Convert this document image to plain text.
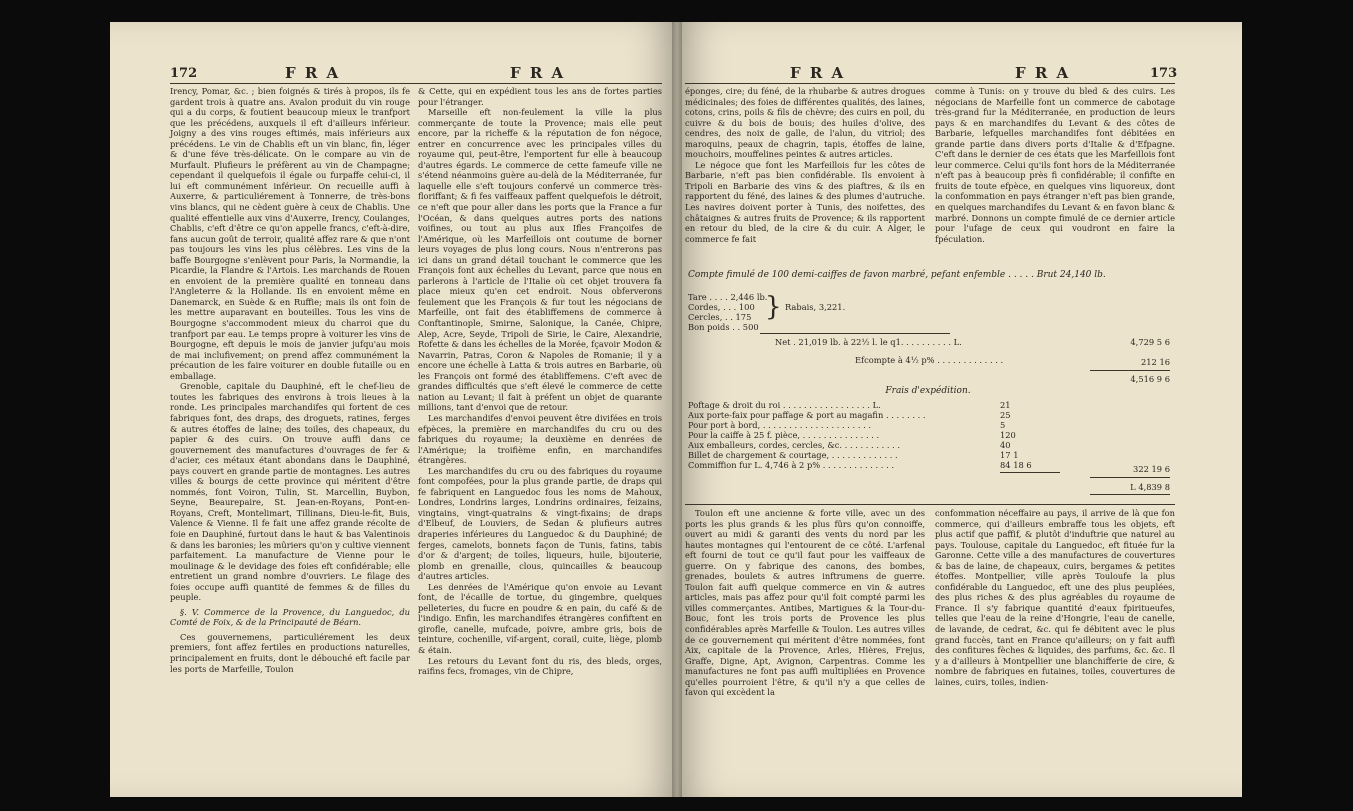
172	F R A	F R A

Irency, Pomar, &c. ; bien foignés & tirés à propos, ils fe gardent trois à quatre ans. Avalon produit du vin rouge qui a du corps, & foutient beaucoup mieux le tranfport que les précédens, auxquels il eft d'ailleurs inférieur. Joigny a des vins rouges eftimés, mais inférieurs aux précédens. Le vin de Chablis eft un vin blanc, fin, léger & d'une féve très-délicate. On le compare au vin de Murfault. Plufieurs le préfèrent au vin de Champagne; cependant il quelquefois il égale ou furpaffe celui-ci, il lui eft communément inférieur. On recueille auffi à Auxerre, & particuliérement à Tonnerre, de très-bons vins blancs, qui ne cèdent guère à ceux de Chablis. Une qualité effentielle aux vins d'Auxerre, Irency, Coulanges, Chablis, c'eft d'être ce qu'on appelle francs, c'eft-à-dire, fans aucun goût de terroir, qualité affez rare & que n'ont pas toujours les vins les plus célèbres. Les vins de la baffe Bourgogne s'enlèvent pour Paris, la Normandie, la Picardie, la Flandre & l'Artois. Les marchands de Rouen en envoient de la première qualité en tonneau dans l'Angleterre & la Hollande. Ils en envoient même en Danemarck, en Suède & en Ruffie; mais ils ont foin de les mettre auparavant en bouteilles. Tous les vins de Bourgogne s'accommodent mieux du charroi que du tranfport par eau. Le temps propre à voiturer les vins de Bourgogne, eft depuis le mois de janvier jufqu'au mois de mai inclufivement; on prend affez communément la précaution de les faire voiturer en double futaille ou en emballage.

Grenoble, capitale du Dauphiné, eft le chef-lieu de toutes les fabriques des environs à trois lieues à la ronde. Les principales marchandifes qui fortent de ces fabriques font, des draps, des droguets, ratines, ferges & autres étoffes de laine; des toiles, des chapeaux, du papier & des cuirs. On trouve auffi dans ce gouvernement des manufactures d'ouvrages de fer & d'acier, ces métaux étant abondans dans le Dauphiné, pays couvert en grande partie de montagnes. Les autres villes & bourgs de cette province qui méritent d'être nommés, font Voiron, Tulin, St. Marcellin, Buybon, Seyne, Beaurepaire, St. Jean-en-Royans, Pont-en-Royans, Creft, Montelimart, Tillinans, Dieu-le-fit, Buis, Valence & Vienne. Il fe fait une affez grande récolte de foie en Dauphiné, furtout dans le haut & bas Valentinois & dans les baronies; les mûriers qu'on y cultive viennent parfaitement. La manufacture de Vienne pour le moulinage & le devidage des foies eft confidérable; elle entretient un grand nombre d'ouvriers. Le filage des foies occupe auffi quantité de femmes & de filles du peuple.

§. V. Commerce de la Provence, du Languedoc, du Comté de Foix, & de la Principauté de Béarn.

Ces gouvernemens, particuliérement les deux premiers, font affez fertiles en productions naturelles, principalement en fruits, dont le débouché eft facile par les ports de Marfeille, Toulon

& Cette, qui en expédient tous les ans de fortes parties pour l'étranger.

Marseille eft non-feulement la ville la plus commerçante de toute la Provence; mais elle peut encore, par la richeffe & la réputation de fon négoce, entrer en concurrence avec les principales villes du royaume qui, peut-être, l'emportent fur elle à beaucoup d'autres égards. Le commerce de cette fameufe ville ne s'étend néanmoins guère au-delà de la Méditerranée, fur laquelle elle s'eft toujours confervé un commerce très-floriffant; & fi fes vaiffeaux paffent quelquefois le détroit, ce n'eft que pour aller dans les ports que la France a fur l'Océan, & dans quelques autres ports des nations voifines, ou tout au plus aux Ifles Françoifes de l'Amérique, où les Marfeillois ont coutume de borner leurs voyages de plus long cours. Nous n'entrerons pas ici dans un grand détail touchant le commerce que les François font aux échelles du Levant, parce que nous en parlerons à l'article de l'Italie où cet objet trouvera fa place mieux qu'en cet endroit. Nous obferverons feulement que les François & fur tout les négocians de Marfeille, ont fait des établiffemens de commerce à Conftantinople, Smirne, Salonique, la Canée, Chipre, Alep, Acre, Seyde, Tripoli de Sirie, le Caire, Alexandrie, Rofette & dans les échelles de la Morée, fçavoir Modon & Navarrin, Patras, Coron & Napoles de Romanie; il y a encore une échelle à Latta & trois autres en Barbarie, où les François ont formé des établiffemens. C'eft avec de grandes difficultés que s'eft élevé le commerce de cette nation au Levant; il fait à préfent un objet de quarante millions, tant d'envoi que de retour.

Les marchandifes d'envoi peuvent être divifées en trois efpèces, la première en marchandifes du cru ou des fabriques du royaume; la deuxième en denrées de l'Amérique; la troifième enfin, en marchandifes étrangères.

Les marchandifes du cru ou des fabriques du royaume font compofées, pour la plus grande partie, de draps qui fe fabriquent en Languedoc fous les noms de Mahoux, Londres, Londrins larges, Londrins ordinaires, feizains, vingtains, vingt-quatrains & vingt-fixains; de draps d'Elbeuf, de Louviers, de Sedan & plufieurs autres draperies inférieures du Languedoc & du Dauphiné; de ferges, camelots, bonnets façon de Tunis, fatins, tabis d'or & d'argent; de toiles, liqueurs, huile, bijouterie, plomb en grenaille, clous, quincailles & beaucoup d'autres articles.

Les denrées de l'Amérique qu'on envoie au Levant font, de l'écaille de tortue, du gingembre, quelques pelleteries, du fucre en poudre & en pain, du café & de l'indigo. Enfin, les marchandifes étrangères confiftent en girofle, canelle, mufcade, poivre, ambre gris, bois de teinture, cochenille, vif-argent, corail, cuite, liège, plomb & étain.

Les retours du Levant font du ris, des bleds, orges, raifins fecs, fromages, vin de Chipre,

F R A	F R A	173

éponges, cire; du féné, de la rhubarbe & autres drogues médicinales; des foies de différentes qualités, des laines, cotons, crins, poils & fils de chèvre; des cuirs en poil, du cuivre & du bois de bouis; des huiles d'olive, des cendres, des noix de galle, de l'alun, du vitriol; des maroquins, peaux de chagrin, tapis, étoffes de laine, mouchoirs, mouffelines peintes & autres articles.

Le négoce que font les Marfeillois fur les côtes de Barbarie, n'eft pas bien confidérable. Ils envoient à Tripoli en Barbarie des vins & des piaftres, & ils en rapportent du féné, des laines & des plumes d'autruche. Les navires doivent porter à Tunis, des noifettes, des châtaignes & autres fruits de Provence; & ils rapportent en retour du bled, de la cire & du cuir. A Alger, le commerce fe fait

comme à Tunis: on y trouve du bled & des cuirs. Les négocians de Marfeille font un commerce de cabotage très-grand fur la Méditerranée, en production de leurs pays & en marchandifes du Levant & des côtes de Barbarie, lefquelles marchandifes font débitées en grande partie dans divers ports d'Italie & d'Efpagne. C'eft dans le dernier de ces états que les Marfeillois font leur commerce. Celui qu'ils font hors de la Méditerranée n'eft pas à beaucoup près fi confidérable; il confifte en fruits de toute efpèce, en quelques vins liquoreux, dont la confommation en pays étranger n'eft pas bien grande, en quelques marchandifes du Levant & en favon blanc & marbré. Donnons un compte fimulé de ce dernier article pour l'ufage de ceux qui voudront en faire la fpéculation.

Compte fimulé de 100 demi-caiffes de favon marbré, pefant enfemble . . . . . Brut 24,140 lb.
Tare . . . . 2,446 lb.
Cordes, . . . 100
Cercles, . . 175
Bon poids . . 500
} Rabais, 3,221.
Net . 21,019 lb. à 22½ l. le q1. . . . . . . . . . L.	4,729 5 6
Efcompte à 4½ p% . . . . . . . . . . . . .	212 16
4,516 9 6
Frais d'expédition.
Poftage & droit du roi . . . . . . . . . . . . . . . . . L.	21
Aux porte-faix pour paffage & port au magafin . . . . . . . .	25
Pour port à bord, . . . . . . . . . . . . . . . . . . . . .	5
Pour la caiffe à 25 f. pièce, . . . . . . . . . . . . . . .	120
Aux emballeurs, cordes, cercles, &c. . . . . . . . . . . .	40
Billet de chargement & courtage, . . . . . . . . . . . . .	17 1
Commiffion fur L. 4,746 à 2 p% . . . . . . . . . . . . . .	84 18 6	322 19 6
L 4,839 8

Toulon eft une ancienne & forte ville, avec un des ports les plus grands & les plus fûrs qu'on connoiffe, ouvert au midi & garanti des vents du nord par les hautes montagnes qui l'entourent de ce côté. L'arfenal eft fourni de tout ce qu'il faut pour les vaiffeaux de guerre. On y fabrique des canons, des bombes, grenades, boulets & autres inftrumens de guerre. Toulon fait auffi quelque commerce en vin & autres articles, mais pas affez pour qu'il foit compté parmi les villes commerçantes. Antibes, Martigues & la Tour-du-Bouc, font les trois ports de Provence les plus confidérables après Marfeille & Toulon. Les autres villes de ce gouvernement qui méritent d'être nommées, font Aix, capitale de la Provence, Arles, Hières, Frejus, Graffe, Digne, Apt, Avignon, Carpentras. Comme les manufactures ne font pas auffi multipliées en Provence qu'elles pourroient l'être, & qu'il n'y a que celles de favon qui excèdent la

confommation néceffaire au pays, il arrive de là que fon commerce, qui d'ailleurs embraffe tous les objets, eft plus actif que paffif, & plutôt d'induftrie que naturel au pays. Toulouse, capitale du Languedoc, eft fituée fur la Garonne. Cette ville a des manufactures de couvertures & bas de laine, de chapeaux, cuirs, bergames & petites étoffes. Montpellier, ville après Touloufe la plus confidérable du Languedoc, eft une des plus peuplées, des plus riches & des plus agréables du royaume de France. Il s'y fabrique quantité d'eaux fpiritueufes, telles que l'eau de la reine d'Hongrie, l'eau de canelle, de lavande, de cedrat, &c. qui fe débitent avec le plus grand fuccès, tant en France qu'ailleurs; on y fait auffi des confitures fèches & liquides, des parfums, &c. &c. Il y a d'ailleurs à Montpellier une blanchifferie de cire, & nombre de fabriques en futaines, toiles, couvertures de laines, cuirs, toiles, indien-
